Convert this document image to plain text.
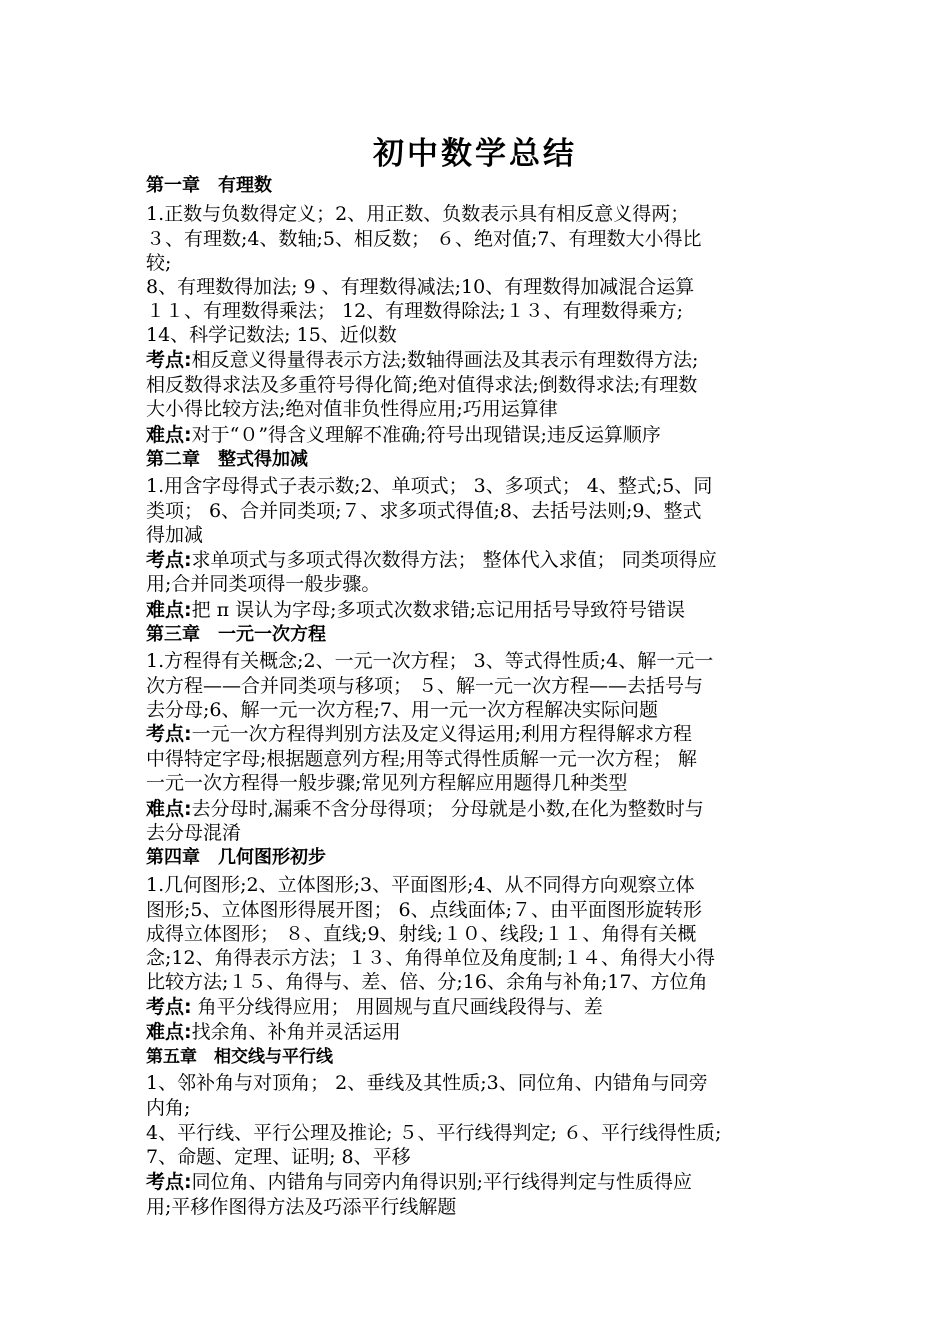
初中数学总结
第一章　有理数
1.正数与负数得定义；2、用正数、负数表示具有相反意义得两；
３、有理数;4、数轴;5、相反数； ６、绝对值;7、有理数大小得比
较;
8、有理数得加法; 9 、有理数得减法;10、有理数得加减混合运算
１１、有理数得乘法； 12、有理数得除法;１３、有理数得乘方;
14、科学记数法; 15、近似数
考点:相反意义得量得表示方法;数轴得画法及其表示有理数得方法;
相反数得求法及多重符号得化简;绝对值得求法;倒数得求法;有理数
大小得比较方法;绝对值非负性得应用;巧用运算律
难点:对于“０”得含义理解不准确;符号出现错误;违反运算顺序
第二章　整式得加减
1.用含字母得式子表示数;2、单项式； 3、多项式； 4、整式;5、同
类项； 6、合并同类项;７、求多项式得值;8、去括号法则;9、整式
得加减
考点:求单项式与多项式得次数得方法； 整体代入求值； 同类项得应
用;合并同类项得一般步骤。
难点:把 π 误认为字母;多项式次数求错;忘记用括号导致符号错误
第三章　一元一次方程
1.方程得有关概念;2、一元一次方程； 3、等式得性质;4、解一元一
次方程——合并同类项与移项； ５、解一元一次方程——去括号与
去分母;6、解一元一次方程;7、用一元一次方程解决实际问题
考点:一元一次方程得判别方法及定义得运用;利用方程得解求方程
中得特定字母;根据题意列方程;用等式得性质解一元一次方程； 解
一元一次方程得一般步骤;常见列方程解应用题得几种类型
难点:去分母时,漏乘不含分母得项； 分母就是小数,在化为整数时与
去分母混淆
第四章　几何图形初步
1.几何图形;2、立体图形;3、平面图形;4、从不同得方向观察立体
图形;5、立体图形得展开图； 6、点线面体;７、由平面图形旋转形
成得立体图形； ８、直线;9、射线;１０、线段;１１、角得有关概
念;12、角得表示方法；１３、角得单位及角度制;１４、角得大小得
比较方法;１５、角得与、差、倍、分;16、余角与补角;17、方位角
考点: 角平分线得应用； 用圆规与直尺画线段得与、差
难点:找余角、补角并灵活运用
第五章　相交线与平行线
1、邻补角与对顶角； 2、垂线及其性质;3、同位角、内错角与同旁
内角;
4、平行线、平行公理及推论; ５、平行线得判定; ６、平行线得性质;
7、命题、定理、证明; 8、平移
考点:同位角、内错角与同旁内角得识别;平行线得判定与性质得应
用;平移作图得方法及巧添平行线解题
